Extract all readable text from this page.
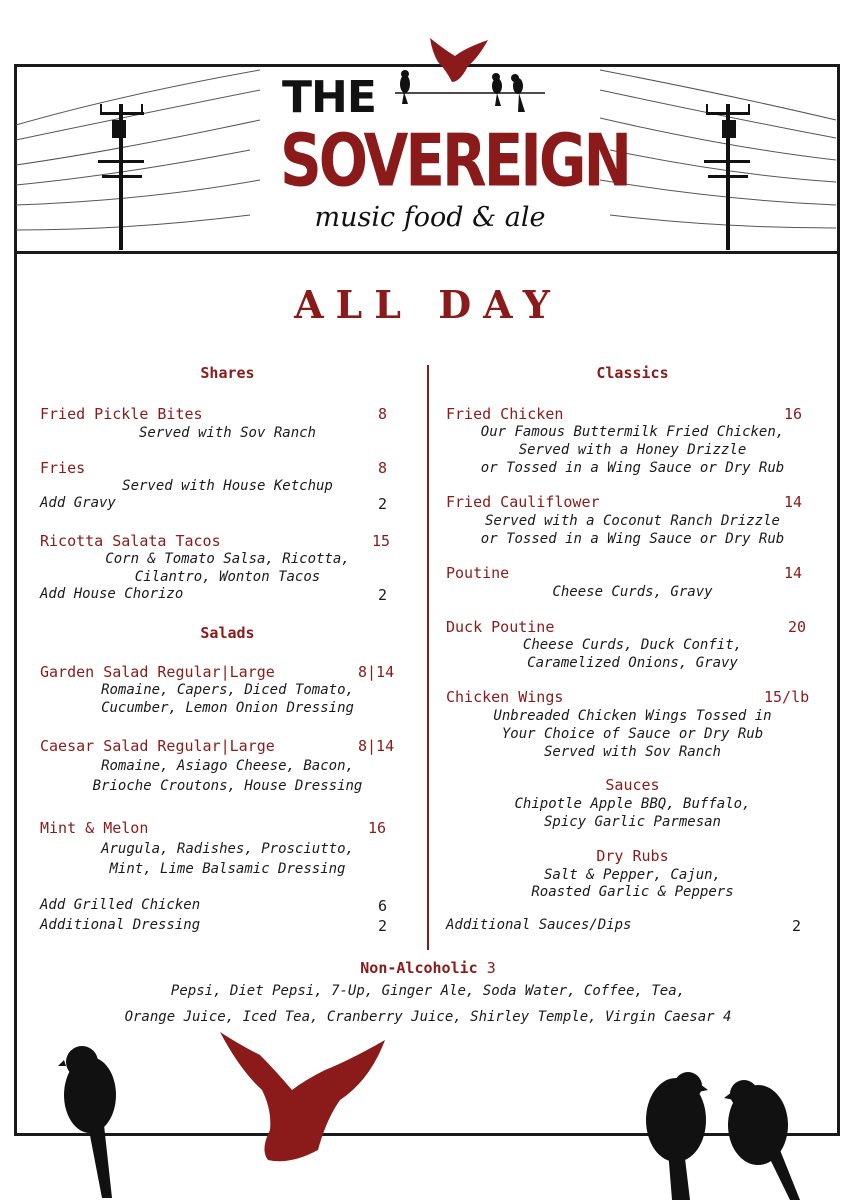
THE
SOVEREIGN
music food & ale
ALL DAY
Shares
Fried Pickle Bites	8
Served with Sov Ranch
Fries	8
Served with House Ketchup
Add Gravy	2
Ricotta Salata Tacos	15
Corn & Tomato Salsa, Ricotta,
Cilantro, Wonton Tacos
Add House Chorizo	2
Salads
Garden Salad Regular|Large	8|14
Romaine, Capers, Diced Tomato,
Cucumber, Lemon Onion Dressing
Caesar Salad Regular|Large	8|14
Romaine, Asiago Cheese, Bacon,
Brioche Croutons, House Dressing
Mint & Melon	16
Arugula, Radishes, Prosciutto,
Mint, Lime Balsamic Dressing
Add Grilled Chicken	6
Additional Dressing	2
Classics
Fried Chicken	16
Our Famous Buttermilk Fried Chicken,
Served with a Honey Drizzle
or Tossed in a Wing Sauce or Dry Rub
Fried Cauliflower	14
Served with a Coconut Ranch Drizzle
or Tossed in a Wing Sauce or Dry Rub
Poutine	14
Cheese Curds, Gravy
Duck Poutine	20
Cheese Curds, Duck Confit,
Caramelized Onions, Gravy
Chicken Wings	15/lb
Unbreaded Chicken Wings Tossed in
Your Choice of Sauce or Dry Rub
Served with Sov Ranch
Sauces
Chipotle Apple BBQ, Buffalo,
Spicy Garlic Parmesan
Dry Rubs
Salt & Pepper, Cajun,
Roasted Garlic & Peppers
Additional Sauces/Dips	2
Non-Alcoholic 3
Pepsi, Diet Pepsi, 7-Up, Ginger Ale, Soda Water, Coffee, Tea,
Orange Juice, Iced Tea, Cranberry Juice, Shirley Temple, Virgin Caesar 4
